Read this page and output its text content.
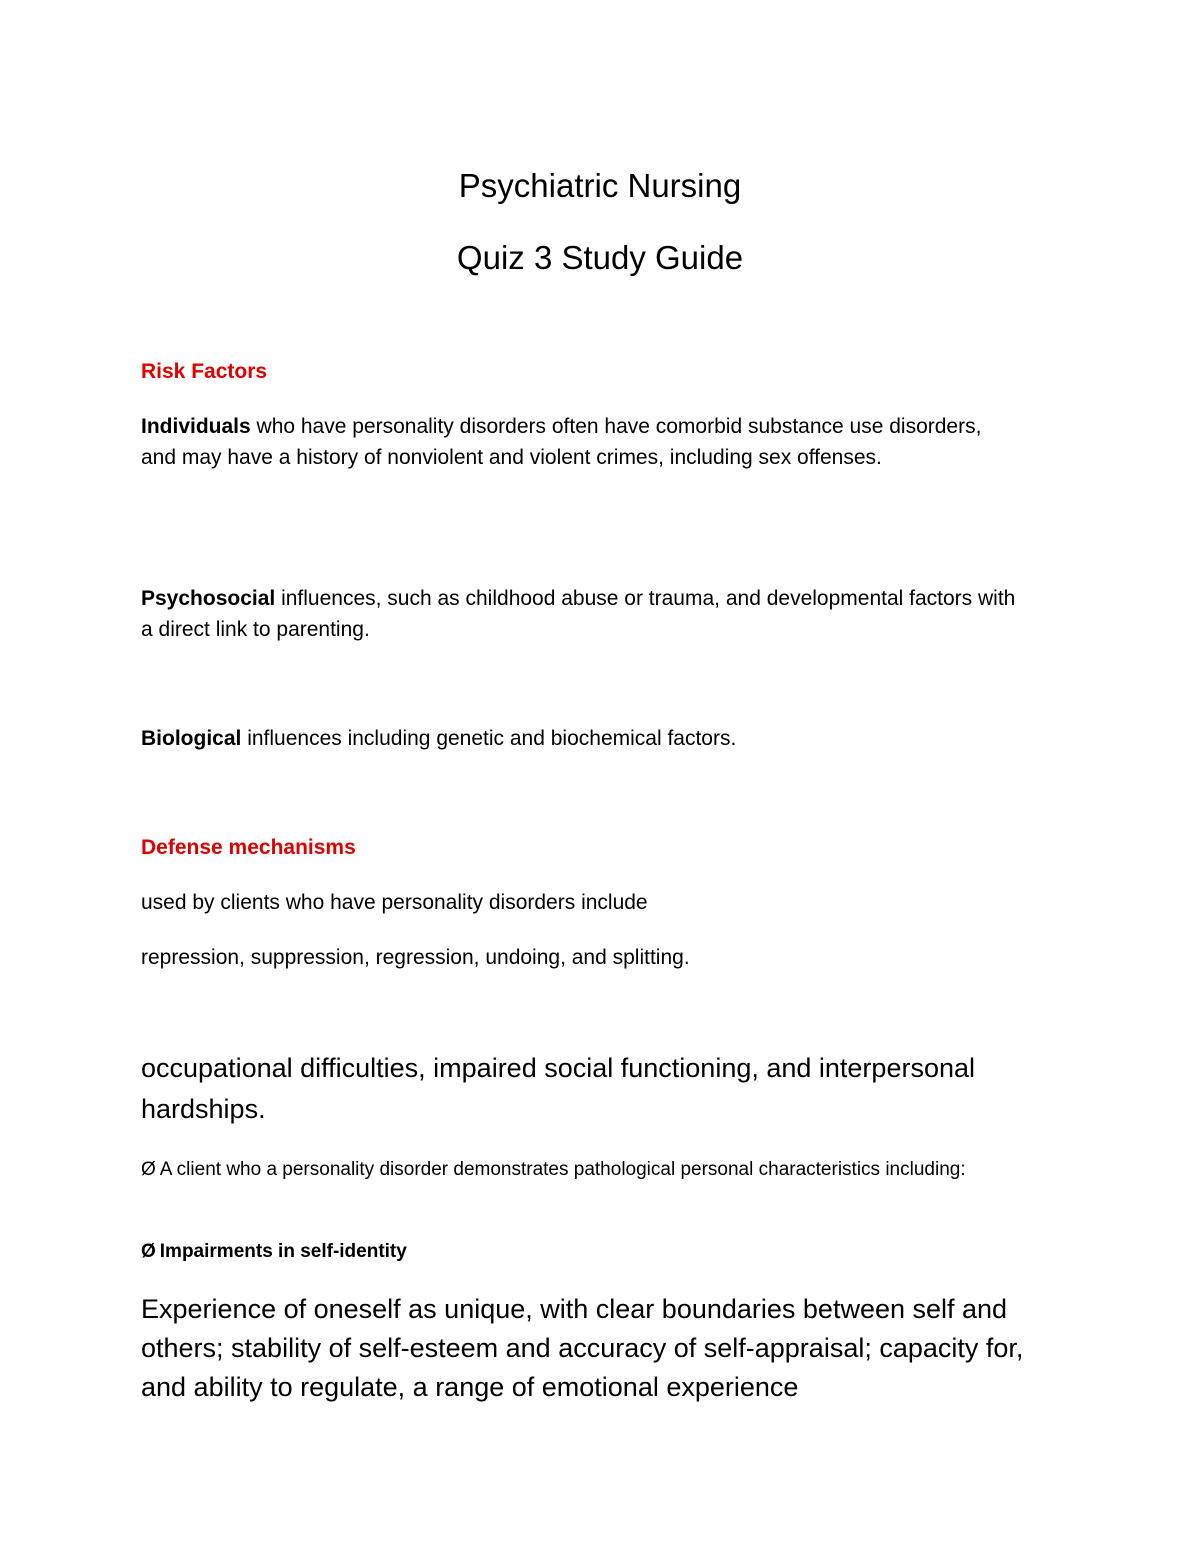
Psychiatric Nursing
Quiz 3 Study Guide
Risk Factors

Individuals who have personality disorders often have comorbid substance use disorders, and may have a history of nonviolent and violent crimes, including sex offenses.

Psychosocial influences, such as childhood abuse or trauma, and developmental factors with a direct link to parenting.

Biological influences including genetic and biochemical factors.

Defense mechanisms

used by clients who have personality disorders include

repression, suppression, regression, undoing, and splitting.

occupational difficulties, impaired social functioning, and interpersonal hardships.

Ø A client who a personality disorder demonstrates pathological personal characteristics including:

Ø Impairments in self-identity

Experience of oneself as unique, with clear boundaries between self and others; stability of self-esteem and accuracy of self-appraisal; capacity for, and ability to regulate, a range of emotional experience
